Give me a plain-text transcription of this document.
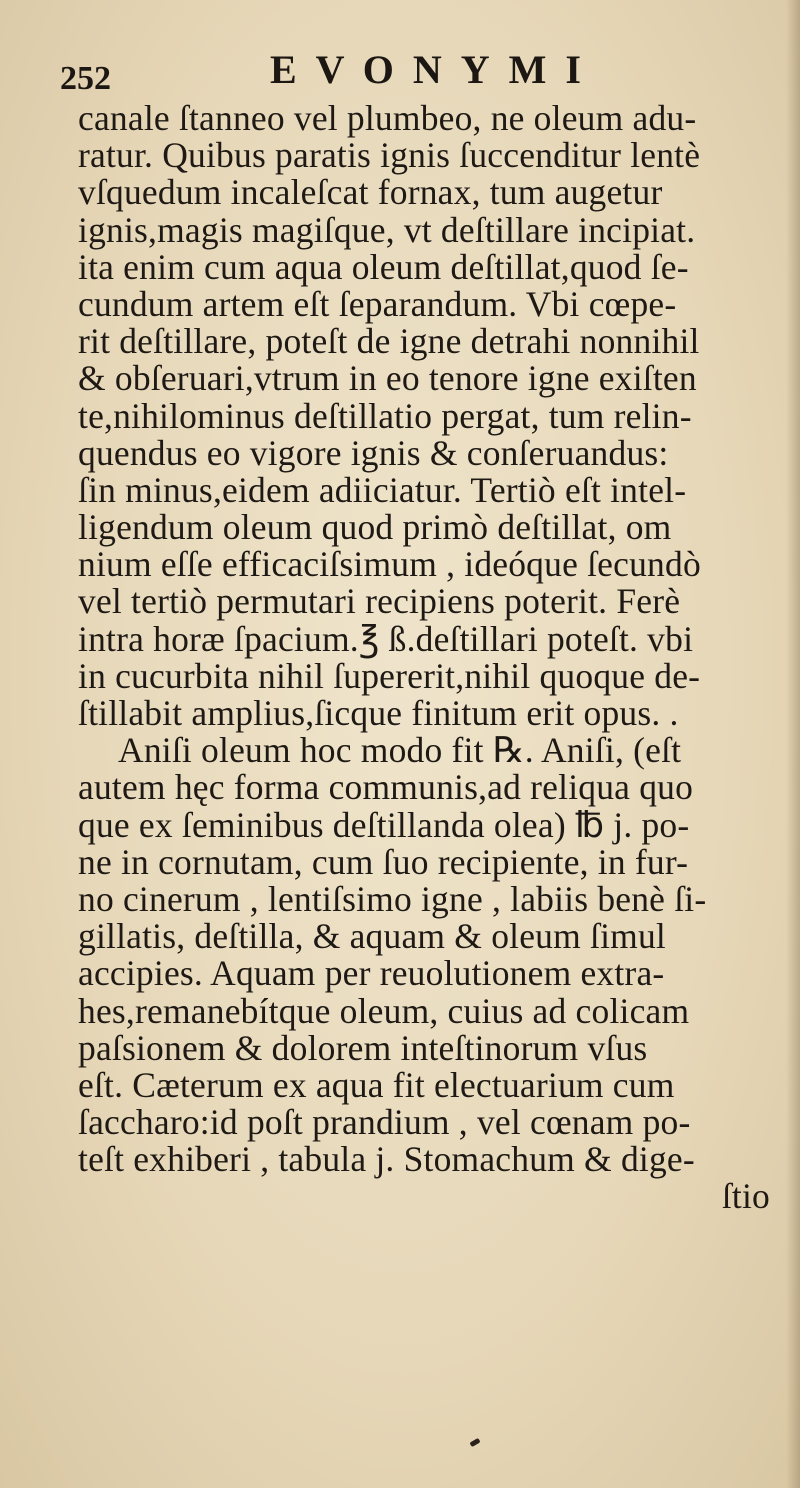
252	EVONYMI
canale ſtanneo vel plumbeo, ne oleum adu-
ratur. Quibus paratis ignis ſuccenditur lentè
vſquedum incaleſcat fornax, tum augetur
ignis,magis magiſque, vt deſtillare incipiat.
ita enim cum aqua oleum deſtillat,quod ſe-
cundum artem eſt ſeparandum. Vbi cœpe-
rit deſtillare, poteſt de igne detrahi nonnihil
& obſeruari,vtrum in eo tenore igne exiſten
te,nihilominus deſtillatio pergat, tum relin-
quendus eo vigore ignis & conſeruandus:
ſin minus,eidem adiiciatur. Tertiò eſt intel-
ligendum oleum quod primò deſtillat, om
nium eſſe efficaciſsimum , ideóque ſecundò
vel tertiò permutari recipiens poterit. Ferè
intra horæ ſpacium.℥ ß.deſtillari poteſt. vbi
in cucurbita nihil ſupererit,nihil quoque de-
ſtillabit amplius,ſicque finitum erit opus. .
Aniſi oleum hoc modo fit ℞. Aniſi, (eſt
autem hęc forma communis,ad reliqua quo
que ex ſeminibus deſtillanda olea) ℔ j. po-
ne in cornutam, cum ſuo recipiente, in fur-
no cinerum , lentiſsimo igne , labiis benè ſi-
gillatis, deſtilla, & aquam & oleum ſimul
accipies. Aquam per reuolutionem extra-
hes,remanebítque oleum, cuius ad colicam
paſsionem & dolorem inteſtinorum vſus
eſt. Cæterum ex aqua fit electuarium cum
ſaccharo:id poſt prandium , vel cœnam po-
teſt exhiberi , tabula j. Stomachum & dige-
ſtio
